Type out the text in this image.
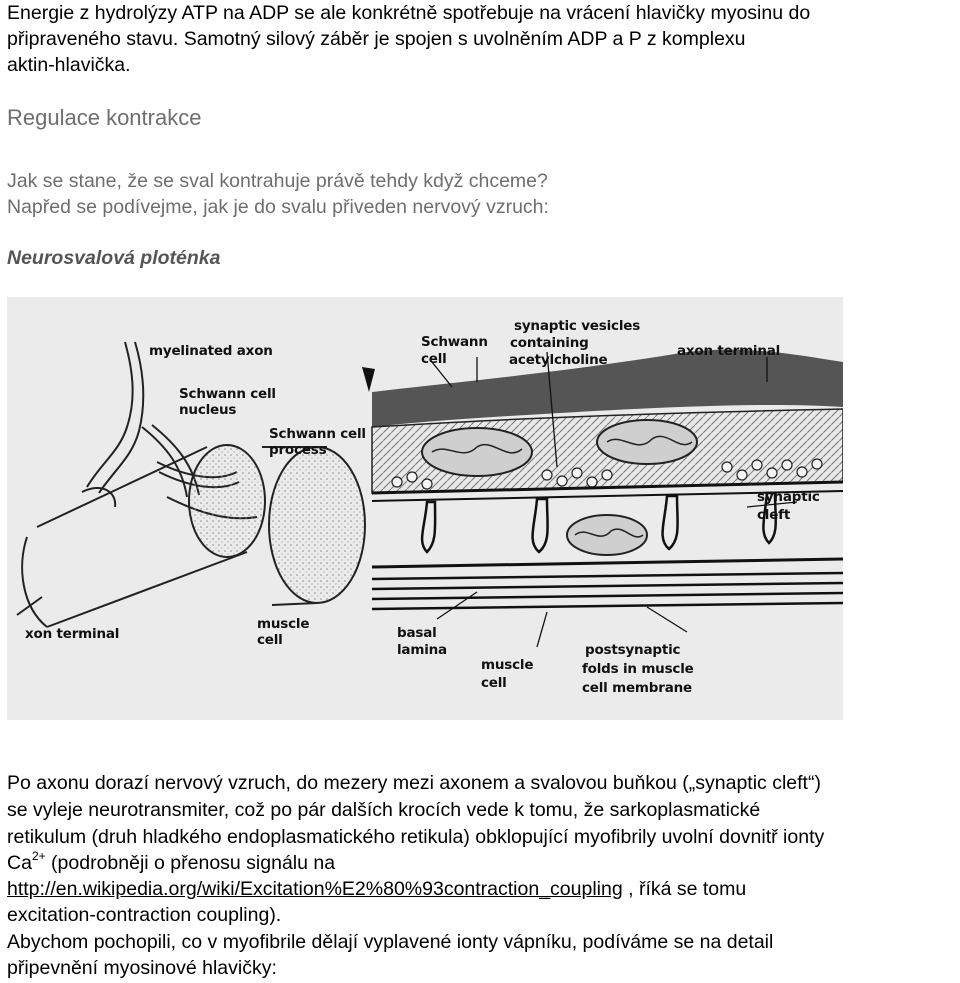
Energie z hydrolýzy ATP na ADP se ale konkrétně spotřebuje na vrácení hlavičky myosinu do

připraveného stavu. Samotný silový záběr je spojen s uvolněním ADP a P z komplexu

aktin-hlavička.

Regulace kontrakce

Jak se stane, že se sval kontrahuje právě tehdy když chceme?

Napřed se podívejme, jak je do svalu přiveden nervový vzruch:

Neurosvalová ploténka

myelinated axon
Schwann cell
nucleus
Schwann cell
process
xon terminal
muscle
cell
Schwann
cell
synaptic vesicles
containing
acetylcholine
axon terminal
synaptic
cleft
basal
lamina
muscle
cell
postsynaptic
folds in muscle
cell membrane

Po axonu dorazí nervový vzruch, do mezery mezi axonem a svalovou buňkou („synaptic cleft“)

se vyleje neurotransmiter, což po pár dalších krocích vede k tomu, že sarkoplasmatické

retikulum (druh hladkého endoplasmatického retikula) obklopující myofibrily uvolní dovnitř ionty

$Ca^{2+}$ (podrobněji o přenosu signálu na

http://en.wikipedia.org/wiki/Excitation%E2%80%93contraction_coupling , říká se tomu

excitation-contraction coupling).

Abychom pochopili, co v myofibrile dělají vyplavené ionty vápníku, podíváme se na detail

připevnění myosinové hlavičky:
